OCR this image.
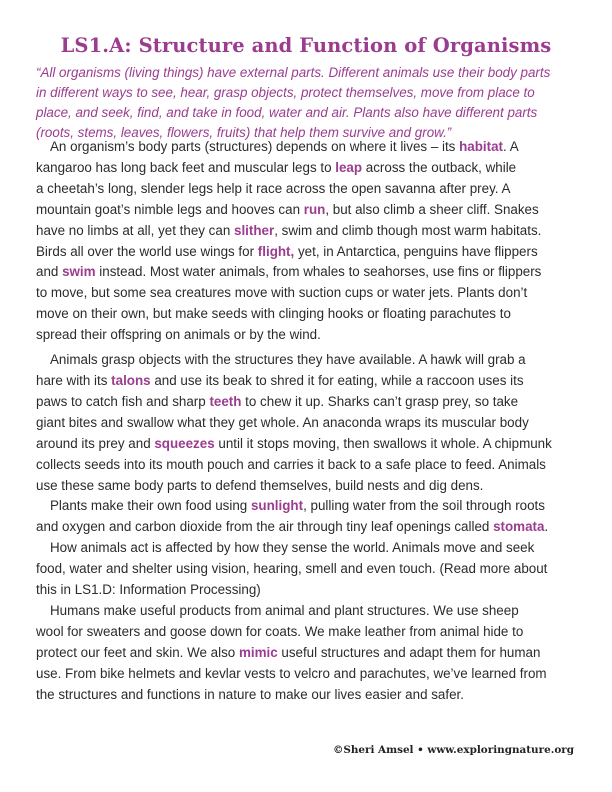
LS1.A: Structure and Function of Organisms
“All organisms (living things) have external parts. Different animals use their body parts
in different ways to see, hear, grasp objects, protect themselves, move from place to
place, and seek, find, and take in food, water and air. Plants also have different parts
(roots, stems, leaves, flowers, fruits) that help them survive and grow.”
An organism’s body parts (structures) depends on where it lives – its habitat. A
kangaroo has long back feet and muscular legs to leap across the outback, while
a cheetah’s long, slender legs help it race across the open savanna after prey. A
mountain goat’s nimble legs and hooves can run, but also climb a sheer cliff. Snakes
have no limbs at all, yet they can slither, swim and climb though most warm habitats.
Birds all over the world use wings for flight, yet, in Antarctica, penguins have flippers
and swim instead. Most water animals, from whales to seahorses, use fins or flippers
to move, but some sea creatures move with suction cups or water jets. Plants don’t
move on their own, but make seeds with clinging hooks or floating parachutes to
spread their offspring on animals or by the wind.
Animals grasp objects with the structures they have available. A hawk will grab a
hare with its talons and use its beak to shred it for eating, while a raccoon uses its
paws to catch fish and sharp teeth to chew it up. Sharks can’t grasp prey, so take
giant bites and swallow what they get whole. An anaconda wraps its muscular body
around its prey and squeezes until it stops moving, then swallows it whole. A chipmunk
collects seeds into its mouth pouch and carries it back to a safe place to feed. Animals
use these same body parts to defend themselves, build nests and dig dens.
Plants make their own food using sunlight, pulling water from the soil through roots
and oxygen and carbon dioxide from the air through tiny leaf openings called stomata.
How animals act is affected by how they sense the world. Animals move and seek
food, water and shelter using vision, hearing, smell and even touch. (Read more about
this in LS1.D: Information Processing)
Humans make useful products from animal and plant structures. We use sheep
wool for sweaters and goose down for coats. We make leather from animal hide to
protect our feet and skin. We also mimic useful structures and adapt them for human
use. From bike helmets and kevlar vests to velcro and parachutes, we’ve learned from
the structures and functions in nature to make our lives easier and safer.
©Sheri Amsel • www.exploringnature.org
